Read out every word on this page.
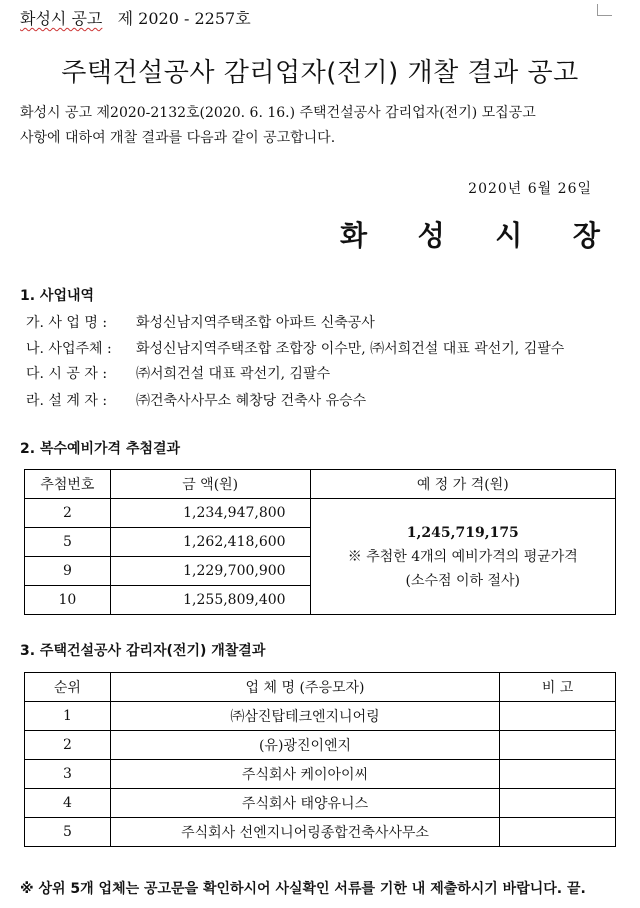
화성시 공고 제 2020 - 2257호
주택건설공사 감리업자(전기) 개찰 결과 공고
화성시 공고 제2020-2132호(2020. 6. 16.) 주택건설공사 감리업자(전기) 모집공고
사항에 대하여 개찰 결과를 다음과 같이 공고합니다.
2020년 6월 26일
화 성 시 장
1. 사업내역
가. 사 업 명 : 화성신남지역주택조합 아파트 신축공사
나. 사업주체 : 화성신남지역주택조합 조합장 이수만, ㈜서희건설 대표 곽선기, 김팔수
다. 시 공 자 : ㈜서희건설 대표 곽선기, 김팔수
라. 설 계 자 : ㈜건축사사무소 혜창당 건축사 유승수
2. 복수예비가격 추첨결과
추첨번호	금 액(원)	예 정 가 격(원)
2	1,234,947,800	1,245,719,175
※ 추첨한 4개의 예비가격의 평균가격
(소수점 이하 절사)

5	1,262,418,600	
9	1,229,700,900	
10	1,255,809,400	
3. 주택건설공사 감리자(전기) 개찰결과
순위	업 체 명 (주응모자)	비 고
1	㈜삼진탑테크엔지니어링	
2	(유)광진이엔지	
3	주식회사 케이아이씨	
4	주식회사 태양유니스	
5	주식회사 선엔지니어링종합건축사사무소	
※ 상위 5개 업체는 공고문을 확인하시어 사실확인 서류를 기한 내 제출하시기 바랍니다. 끝.
